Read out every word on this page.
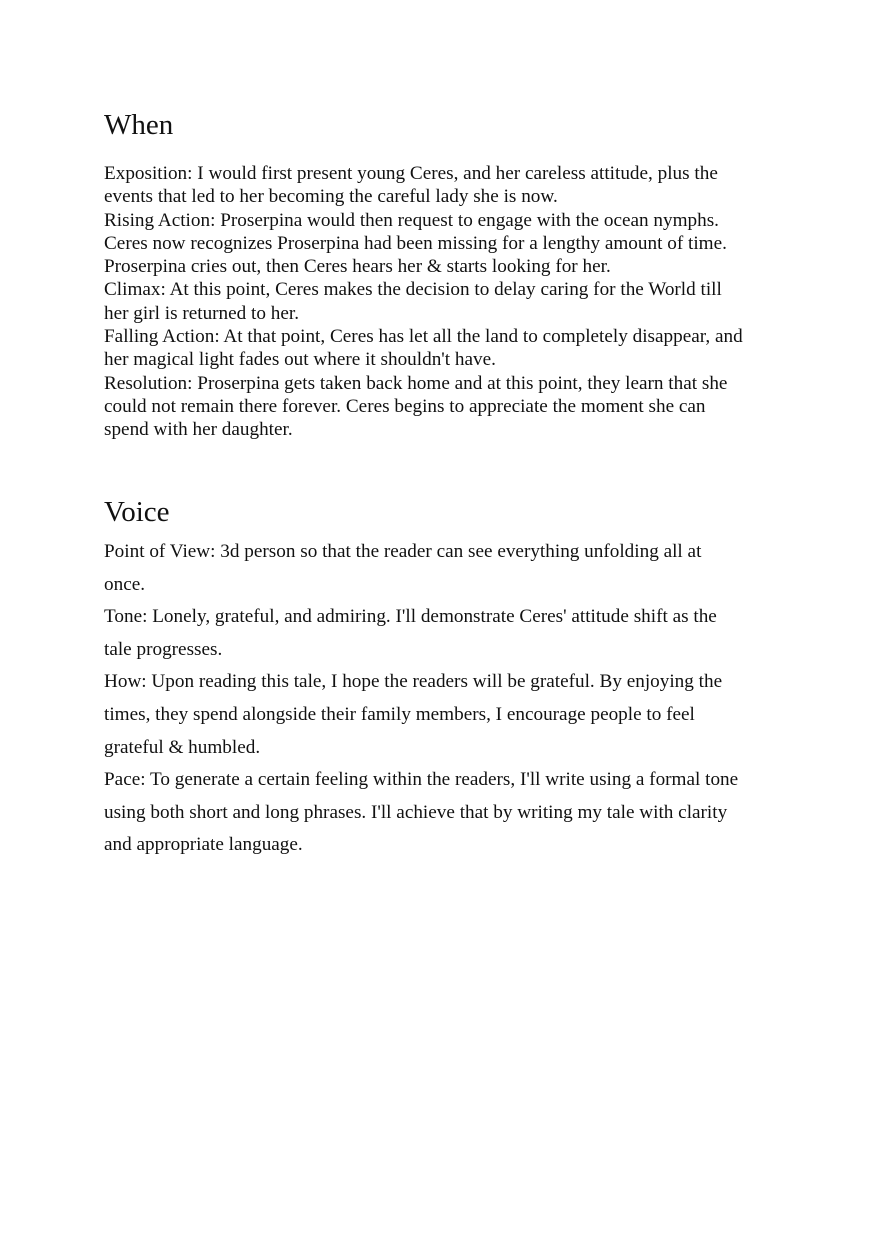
When

Exposition: I would first present young Ceres, and her careless attitude, plus the events that led to her becoming the careful lady she is now.

Rising Action: Proserpina would then request to engage with the ocean nymphs. Ceres now recognizes Proserpina had been missing for a lengthy amount of time. Proserpina cries out, then Ceres hears her & starts looking for her.

Climax: At this point, Ceres makes the decision to delay caring for the World till her girl is returned to her.

Falling Action: At that point, Ceres has let all the land to completely disappear, and her magical light fades out where it shouldn't have.

Resolution: Proserpina gets taken back home and at this point, they learn that she could not remain there forever. Ceres begins to appreciate the moment she can spend with her daughter.

Voice

Point of View: 3d person so that the reader can see everything unfolding all at once.

Tone: Lonely, grateful, and admiring. I'll demonstrate Ceres' attitude shift as the tale progresses.

How: Upon reading this tale, I hope the readers will be grateful. By enjoying the times, they spend alongside their family members, I encourage people to feel grateful & humbled.

Pace: To generate a certain feeling within the readers, I'll write using a formal tone using both short and long phrases. I'll achieve that by writing my tale with clarity and appropriate language.
